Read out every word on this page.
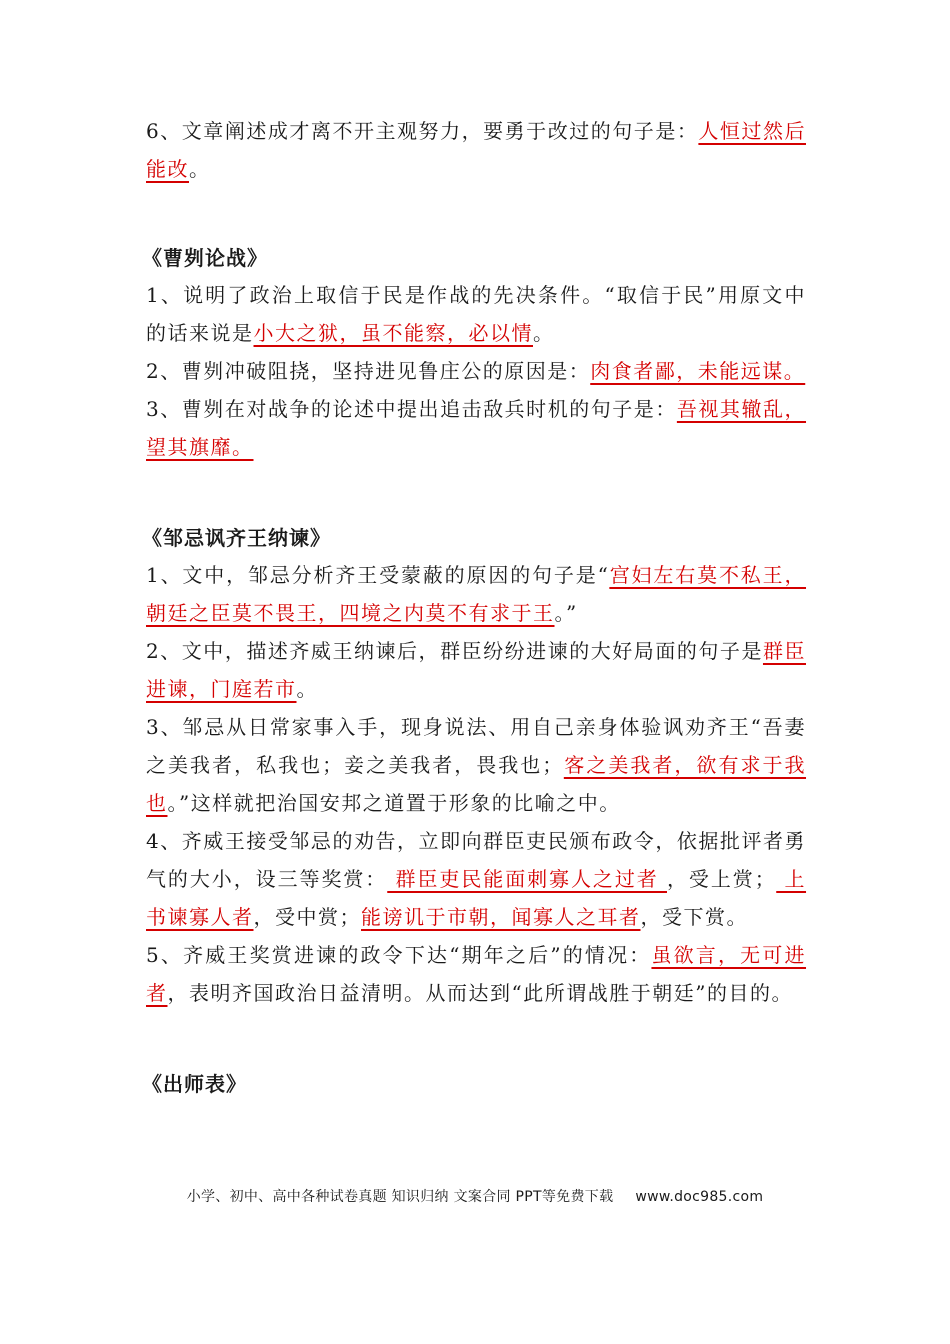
6、文章阐述成才离不开主观努力，要勇于改过的句子是：人恒过然后能改。

《曹刿论战》

1、说明了政治上取信于民是作战的先决条件。“取信于民”用原文中的话来说是小大之狱，虽不能察，必以情。

2、曹刿冲破阻挠，坚持进见鲁庄公的原因是：肉食者鄙，未能远谋。

3、曹刿在对战争的论述中提出追击敌兵时机的句子是：吾视其辙乱，望其旗靡。

《邹忌讽齐王纳谏》

1、文中，邹忌分析齐王受蒙蔽的原因的句子是“宫妇左右莫不私王，朝廷之臣莫不畏王，四境之内莫不有求于王。”

2、文中，描述齐威王纳谏后，群臣纷纷进谏的大好局面的句子是群臣进谏，门庭若市。

3、邹忌从日常家事入手，现身说法、用自己亲身体验讽劝齐王“吾妻之美我者，私我也；妾之美我者，畏我也；客之美我者，欲有求于我也。”这样就把治国安邦之道置于形象的比喻之中。

4、齐威王接受邹忌的劝告，立即向群臣吏民颁布政令，依据批评者勇气的大小，设三等奖赏： 群臣吏民能面刺寡人之过者 ，受上赏； 上书谏寡人者，受中赏；能谤讥于市朝，闻寡人之耳者，受下赏。

5、齐威王奖赏进谏的政令下达“期年之后”的情况：虽欲言，无可进者，表明齐国政治日益清明。从而达到“此所谓战胜于朝廷”的目的。

《出师表》
小学、初中、高中各种试卷真题 知识归纳 文案合同 PPT等免费下载 www.doc985.com
